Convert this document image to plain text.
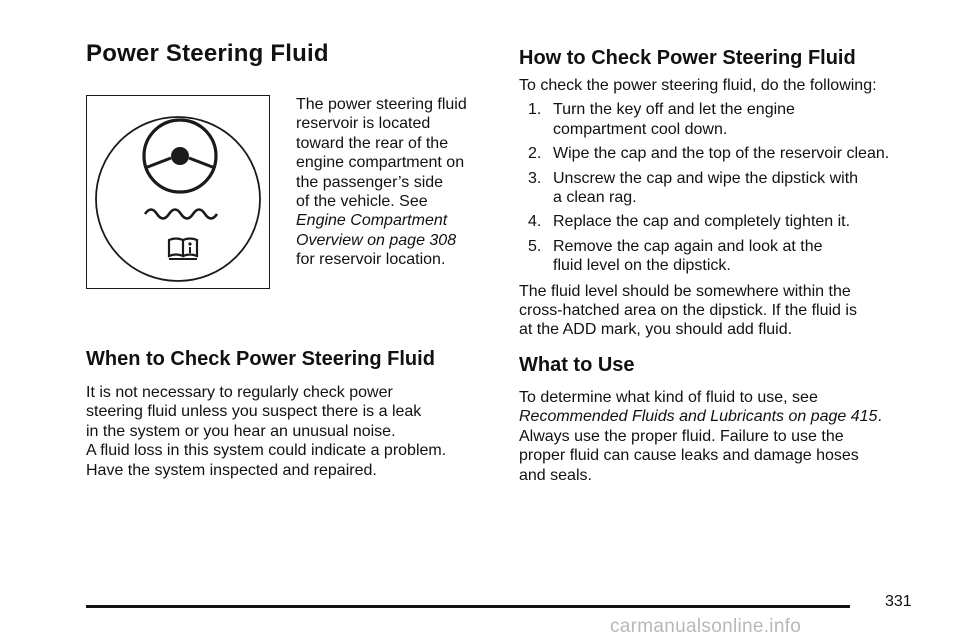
Power Steering Fluid
The power steering fluid
reservoir is located
toward the rear of the
engine compartment on
the passenger’s side
of the vehicle. See
Engine Compartment
Overview on page 308
for reservoir location.
When to Check Power Steering Fluid
It is not necessary to regularly check power
steering fluid unless you suspect there is a leak
in the system or you hear an unusual noise.
A fluid loss in this system could indicate a problem.
Have the system inspected and repaired.
How to Check Power Steering Fluid

To check the power steering fluid, do the following:

1. Turn the key off and let the engine
compartment cool down.
2. Wipe the cap and the top of the reservoir clean.
3. Unscrew the cap and wipe the dipstick with
a clean rag.
4. Replace the cap and completely tighten it.
5. Remove the cap again and look at the
fluid level on the dipstick.
The fluid level should be somewhere within the
cross-hatched area on the dipstick. If the fluid is
at the ADD mark, you should add fluid.
What to Use
To determine what kind of fluid to use, see
Recommended Fluids and Lubricants on page 415.
Always use the proper fluid. Failure to use the
proper fluid can cause leaks and damage hoses
and seals.
331
carmanualsonline.info
